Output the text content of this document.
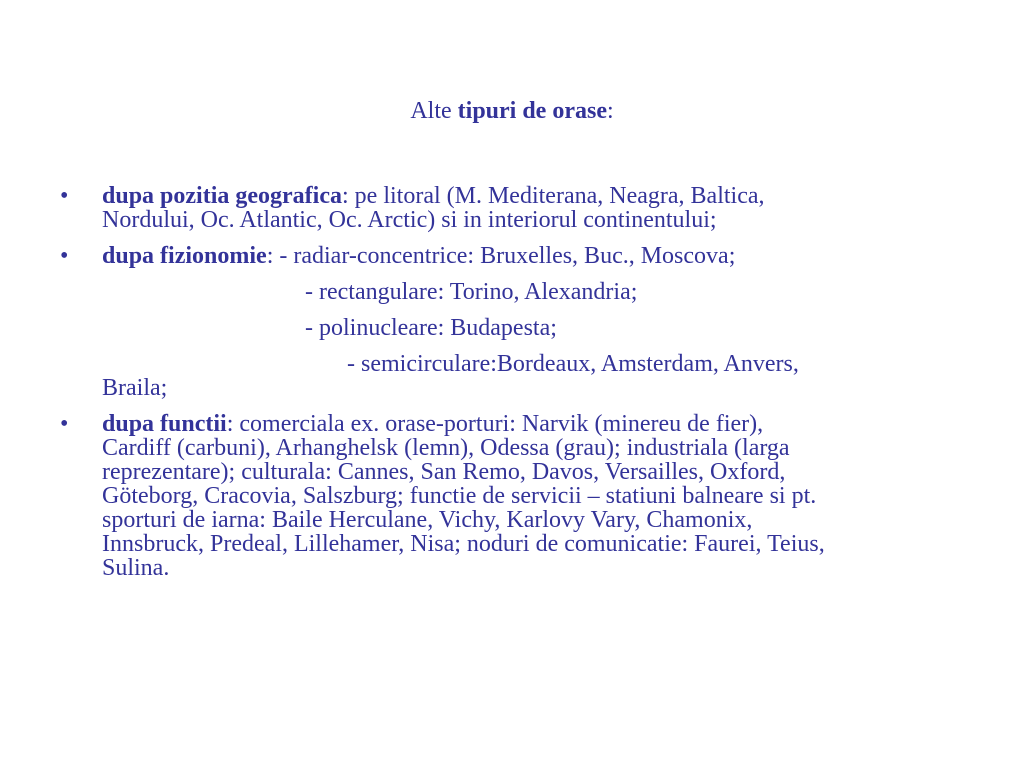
Alte tipuri de orase:
• dupa pozitia geografica: pe litoral (M. Mediterana, Neagra, Baltica,
Nordului, Oc. Atlantic, Oc. Arctic) si in interiorul continentului;
• dupa fizionomie: - radiar-concentrice: Bruxelles, Buc., Moscova;
- rectangulare: Torino, Alexandria;
- polinucleare: Budapesta;
- semicirculare:Bordeaux, Amsterdam, Anvers,
Braila;
• dupa functii: comerciala ex. orase-porturi: Narvik (minereu de fier),
Cardiff (carbuni), Arhanghelsk (lemn), Odessa (grau); industriala (larga
reprezentare); culturala: Cannes, San Remo, Davos, Versailles, Oxford,
Göteborg, Cracovia, Salszburg; functie de servicii – statiuni balneare si pt.
sporturi de iarna: Baile Herculane, Vichy, Karlovy Vary, Chamonix,
Innsbruck, Predeal, Lillehamer, Nisa; noduri de comunicatie: Faurei, Teius,
Sulina.
